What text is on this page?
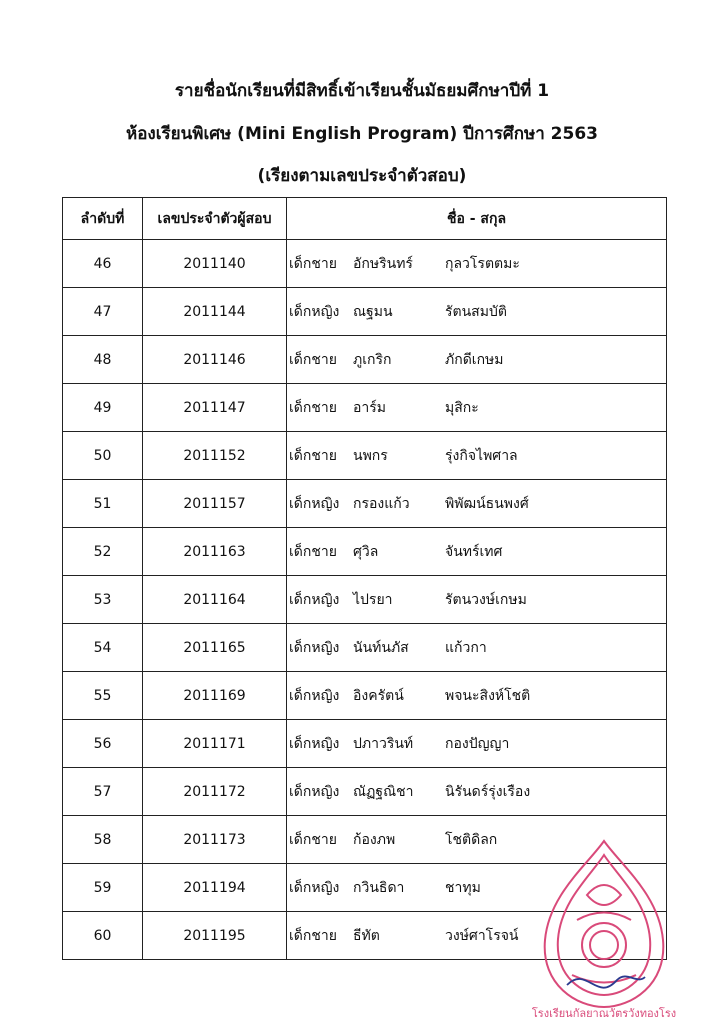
รายชื่อนักเรียนที่มีสิทธิ์เข้าเรียนชั้นมัธยมศึกษาปีที่ 1
ห้องเรียนพิเศษ (Mini English Program) ปีการศึกษา 2563
(เรียงตามเลขประจำตัวสอบ)
ลำดับที่	เลขประจำตัวผู้สอบ	ชื่อ - สกุล
46	2011140	เด็กชาย อักษรินทร์ กุลวโรตตมะ

47	2011144	เด็กหญิง ณฐมน รัตนสมบัติ

48	2011146	เด็กชาย ภูเกริก ภักดีเกษม

49	2011147	เด็กชาย อาร์ม มุสิกะ

50	2011152	เด็กชาย นพกร รุ่งกิจไพศาล

51	2011157	เด็กหญิง กรองแก้ว พิพัฒน์ธนพงศ์

52	2011163	เด็กชาย ศุวิล จันทร์เทศ

53	2011164	เด็กหญิง ไปรยา รัตนวงษ์เกษม

54	2011165	เด็กหญิง นันท์นภัส แก้วกา

55	2011169	เด็กหญิง อิงครัตน์ พจนะสิงห์โชติ

56	2011171	เด็กหญิง ปภาวรินท์ กองปัญญา

57	2011172	เด็กหญิง ณัฏฐณิชา นิรันดร์รุ่งเรือง

58	2011173	เด็กชาย ก้องภพ โชติดิลก

59	2011194	เด็กหญิง กวินธิดา ชาทุม

60	2011195	เด็กชาย ธีทัต วงษ์ศาโรจน์
โรงเรียนกัลยาณวัตรวังทองโรง
